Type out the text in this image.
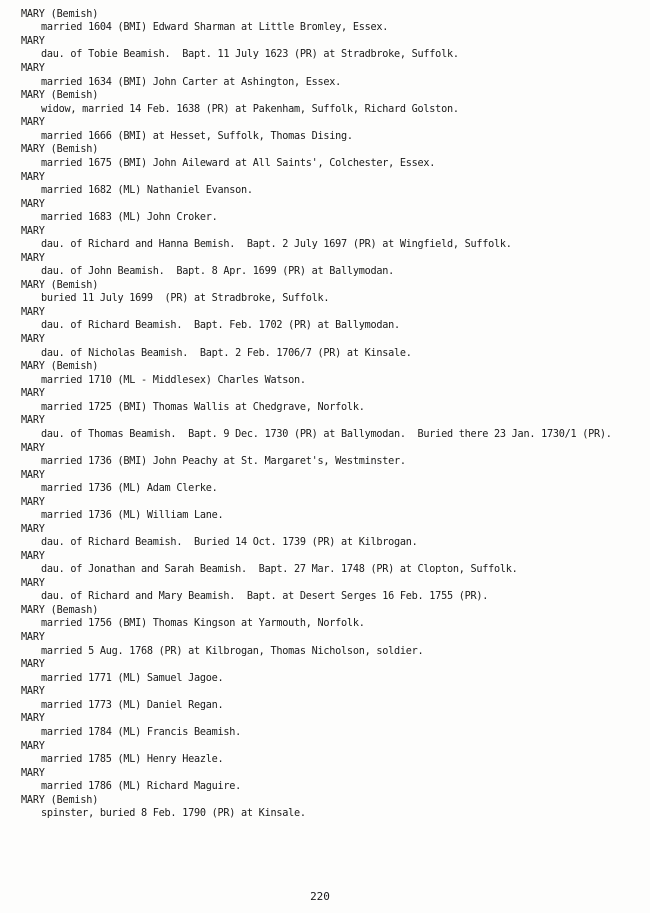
MARY (Bemish)
married 1604 (BMI) Edward Sharman at Little Bromley, Essex.
MARY
dau. of Tobie Beamish.  Bapt. 11 July 1623 (PR) at Stradbroke, Suffolk.
MARY
married 1634 (BMI) John Carter at Ashington, Essex.
MARY (Bemish)
widow, married 14 Feb. 1638 (PR) at Pakenham, Suffolk, Richard Golston.
MARY
married 1666 (BMI) at Hesset, Suffolk, Thomas Dising.
MARY (Bemish)
married 1675 (BMI) John Aileward at All Saints', Colchester, Essex.
MARY
married 1682 (ML) Nathaniel Evanson.
MARY
married 1683 (ML) John Croker.
MARY
dau. of Richard and Hanna Bemish.  Bapt. 2 July 1697 (PR) at Wingfield, Suffolk.
MARY
dau. of John Beamish.  Bapt. 8 Apr. 1699 (PR) at Ballymodan.
MARY (Bemish)
buried 11 July 1699  (PR) at Stradbroke, Suffolk.
MARY
dau. of Richard Beamish.  Bapt. Feb. 1702 (PR) at Ballymodan.
MARY
dau. of Nicholas Beamish.  Bapt. 2 Feb. 1706/7 (PR) at Kinsale.
MARY (Bemish)
married 1710 (ML - Middlesex) Charles Watson.
MARY
married 1725 (BMI) Thomas Wallis at Chedgrave, Norfolk.
MARY
dau. of Thomas Beamish.  Bapt. 9 Dec. 1730 (PR) at Ballymodan.  Buried there 23 Jan. 1730/1 (PR).
MARY
married 1736 (BMI) John Peachy at St. Margaret's, Westminster.
MARY
married 1736 (ML) Adam Clerke.
MARY
married 1736 (ML) William Lane.
MARY
dau. of Richard Beamish.  Buried 14 Oct. 1739 (PR) at Kilbrogan.
MARY
dau. of Jonathan and Sarah Beamish.  Bapt. 27 Mar. 1748 (PR) at Clopton, Suffolk.
MARY
dau. of Richard and Mary Beamish.  Bapt. at Desert Serges 16 Feb. 1755 (PR).
MARY (Bemash)
married 1756 (BMI) Thomas Kingson at Yarmouth, Norfolk.
MARY
married 5 Aug. 1768 (PR) at Kilbrogan, Thomas Nicholson, soldier.
MARY
married 1771 (ML) Samuel Jagoe.
MARY
married 1773 (ML) Daniel Regan.
MARY
married 1784 (ML) Francis Beamish.
MARY
married 1785 (ML) Henry Heazle.
MARY
married 1786 (ML) Richard Maguire.
MARY (Bemish)
spinster, buried 8 Feb. 1790 (PR) at Kinsale.
220
